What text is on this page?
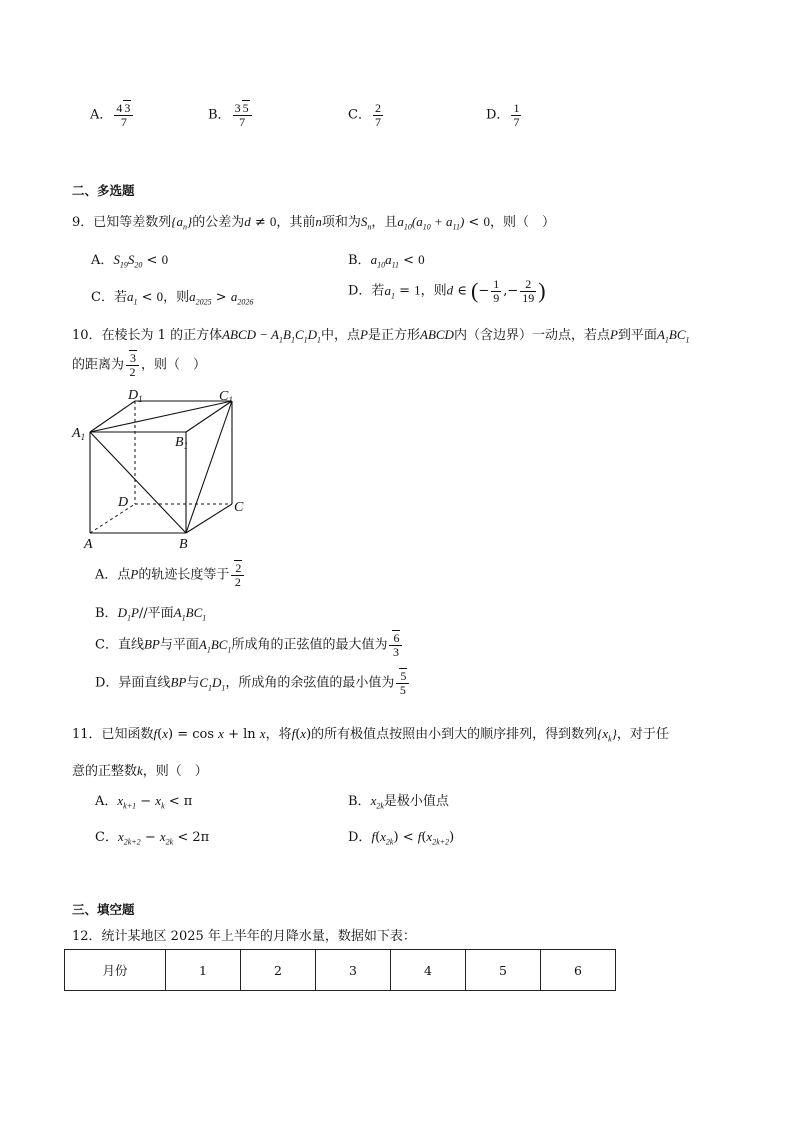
A． $\frac{4 3}{7}$	B． $\frac{3 5}{7}$	C． $\frac{2}{7}$	D． $\frac{1}{7}$
二、多选题
9．已知等差数列$\{a_n\}$的公差为d ≠ 0，其前n项和为$S_n$，且$a_{10}(a_{10} + a_{11}) < 0$，则（　）
A．$S_{19}S_{20} < 0$	B．$a_{10}a_{11} < 0$
C．若$a_1 < 0$，则$a_{2025} > a_{2026}$
D．若$a_1 = 1$，则d ∈ (− $\frac{1}{9}$ ,− $\frac{2}{19}$ )
10．在棱长为 1 的正方体ABCD − $A_1B_1C_1D_1$中，点P是正方形ABCD内（含边界）一动点，若点P到平面$A_1BC_1$
的距离为 $\frac{3}{2}$ ，则（　）
$D_1$	$C_1$
$A_1$	$B_1$
D	C
A	B
A．点P的轨迹长度等于 $\frac{2}{2}$
B．$D_1P//$平面$A_1BC_1$
C．直线BP与平面$A_1BC_1$所成角的正弦值的最大值为 $\frac{6}{3}$
D．异面直线BP与$C_1D_1$，所成角的余弦值的最小值为 $\frac{5}{5}$
11．已知函数f(x) = cos x + ln x，将f(x)的所有极值点按照由小到大的顺序排列，得到数列$\{x_k\}$，对于任
意的正整数k，则（　）
A．$x_{k+1} - x_k < \pi$	B．$x_{2k}$是极小值点
C．$x_{2k+2} - x_{2k} < 2\pi$	D．$f(x_{2k}) < f(x_{2k+2})$
三、填空题
12．统计某地区 2025 年上半年的月降水量，数据如下表：
月份	1	2	3	4	5	6
